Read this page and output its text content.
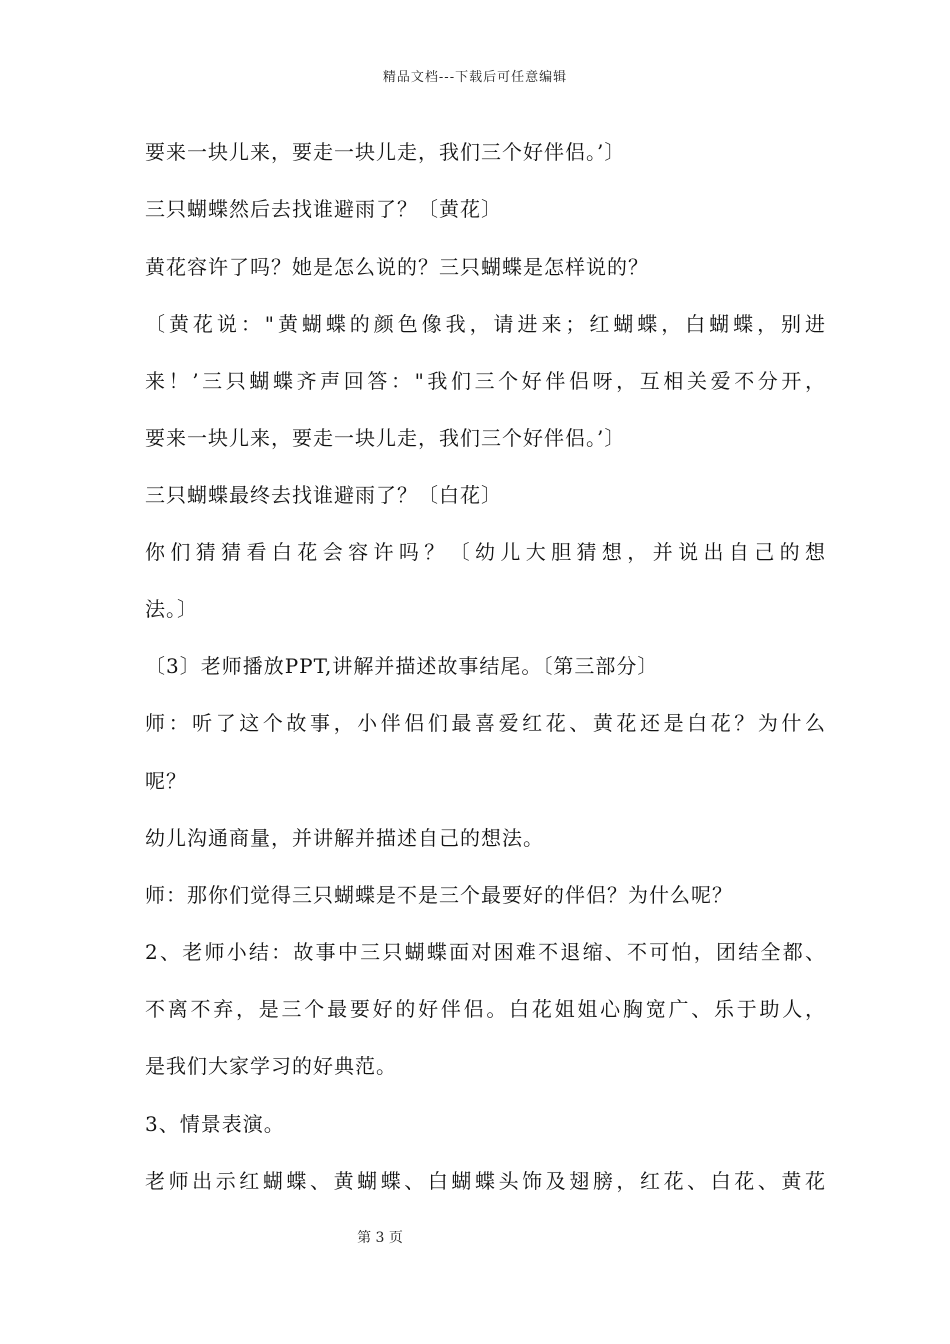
精品文档---下载后可任意编辑
要来一块儿来，要走一块儿走，我们三个好伴侣。’〕
三只蝴蝶然后去找谁避雨了？〔黄花〕
黄花容许了吗？她是怎么说的？三只蝴蝶是怎样说的？
〔黄花说："黄蝴蝶的颜色像我，请进来；红蝴蝶，白蝴蝶，别进
来！’三只蝴蝶齐声回答："我们三个好伴侣呀，互相关爱不分开，
要来一块儿来，要走一块儿走，我们三个好伴侣。’〕
三只蝴蝶最终去找谁避雨了？〔白花〕
你们猜猜看白花会容许吗？〔幼儿大胆猜想，并说出自己的想
法。〕
〔3〕老师播放PPT,讲解并描述故事结尾。〔第三部分〕
师：听了这个故事，小伴侣们最喜爱红花、黄花还是白花？为什么
呢？
幼儿沟通商量，并讲解并描述自己的想法。
师：那你们觉得三只蝴蝶是不是三个最要好的伴侣？为什么呢？
2、老师小结：故事中三只蝴蝶面对困难不退缩、不可怕，团结全都、
不离不弃，是三个最要好的好伴侣。白花姐姐心胸宽广、乐于助人，
是我们大家学习的好典范。
3、情景表演。
老师出示红蝴蝶、黄蝴蝶、白蝴蝶头饰及翅膀，红花、白花、黄花
第 3 页
